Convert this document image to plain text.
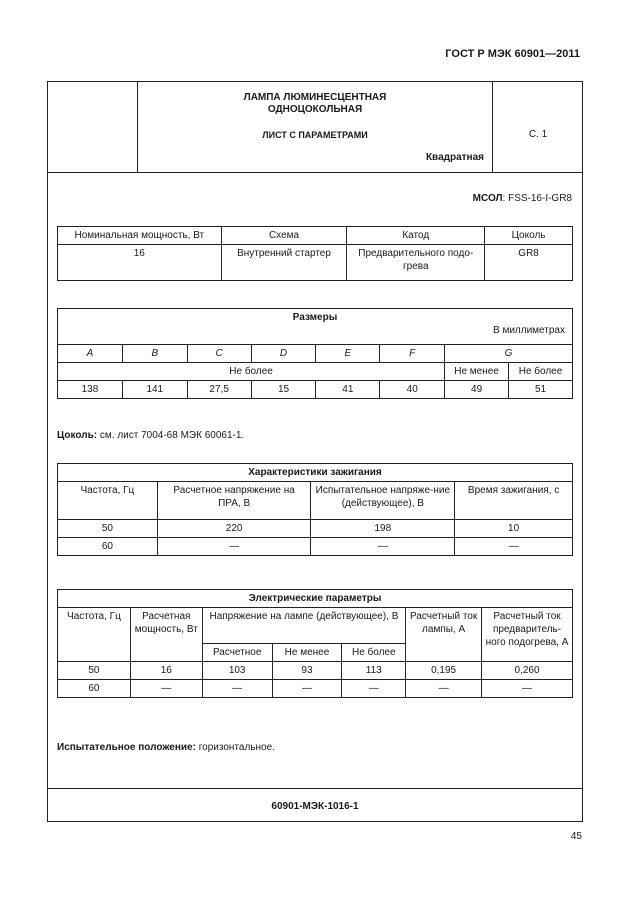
ГОСТ Р МЭК 60901—2011
ЛАМПА ЛЮМИНЕСЦЕНТНАЯ
ОДНОЦОКОЛЬНАЯ
ЛИСТ С ПАРАМЕТРАМИ
Квадратная
С. 1
МСОЛ: FSS-16-I-GR8
Номинальная мощность, Вт	Схема	Катод	Цоколь
16	Внутренний стартер	Предварительного подо-грева	GR8
Размеры
В миллиметрах							

A	B	C	D	E	F	G	
Не более						Не менее	Не более
138	141	27,5	15	41	40	49	51
Цоколь: см. лист 7004-68 МЭК 60061-1.
Характеристики зажигания			
Частота, Гц	Расчетное напряжение на ПРА, В	Испытательное напряже-ние (действующее), В	Время зажигания, с
50	220	198	10
60	—	—	—
Электрические параметры						
Частота, Гц	Расчетная мощность, Вт	Напряжение на лампе (действующее), В			Расчетный ток лампы, А	Расчетный ток предваритель-ного подогрева, А
		Расчетное	Не менее	Не более		
50	16	103	93	113	0,195	0,260
60	—	—	—	—	—	—
Испытательное положение: горизонтальное.
60901-МЭК-1016-1
45
